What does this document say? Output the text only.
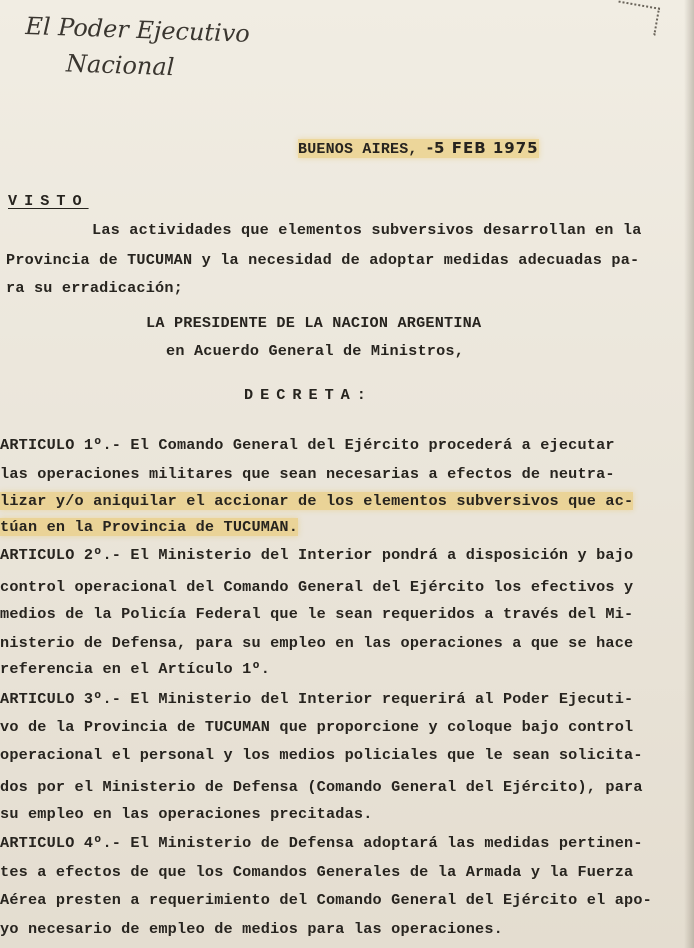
El Poder Ejecutivo
Nacional
BUENOS AIRES, -5 FEB 1975
VISTO
Las actividades que elementos subversivos desarrollan en la
Provincia de TUCUMAN y la necesidad de adoptar medidas adecuadas pa-
ra su erradicación;
LA PRESIDENTE DE LA NACION ARGENTINA
en Acuerdo General de Ministros,
DECRETA:
ARTICULO 1º.- El Comando General del Ejército procederá a ejecutar
las operaciones militares que sean necesarias a efectos de neutra-
lizar y/o aniquilar el accionar de los elementos subversivos que ac-
túan en la Provincia de TUCUMAN.
ARTICULO 2º.- El Ministerio del Interior pondrá a disposición y bajo
control operacional del Comando General del Ejército los efectivos y
medios de la Policía Federal que le sean requeridos a través del Mi-
nisterio de Defensa, para su empleo en las operaciones a que se hace
referencia en el Artículo 1º.
ARTICULO 3º.- El Ministerio del Interior requerirá al Poder Ejecuti-
vo de la Provincia de TUCUMAN que proporcione y coloque bajo control
operacional el personal y los medios policiales que le sean solicita-
dos por el Ministerio de Defensa (Comando General del Ejército), para
su empleo en las operaciones precitadas.
ARTICULO 4º.- El Ministerio de Defensa adoptará las medidas pertinen-
tes a efectos de que los Comandos Generales de la Armada y la Fuerza
Aérea presten a requerimiento del Comando General del Ejército el apo-
yo necesario de empleo de medios para las operaciones.
